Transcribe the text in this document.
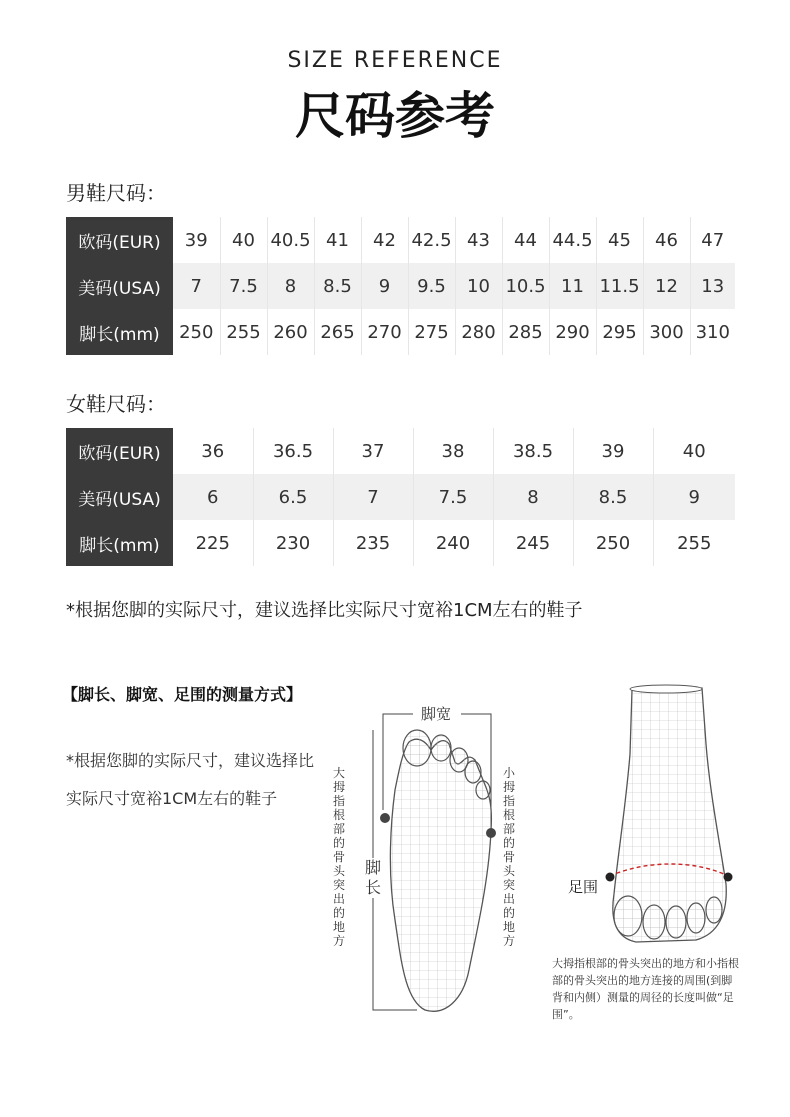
SIZE REFERENCE
尺码参考
男鞋尺码：
欧码(EUR)	39	40	40.5	41	42	42.5	43	44	44.5	45	46	47
美码(USA)	7	7.5	8	8.5	9	9.5	10	10.5	11	11.5	12	13
脚长(mm)	250	255	260	265	270	275	280	285	290	295	300	310
女鞋尺码：
欧码(EUR)	36	36.5	37	38	38.5	39	40
美码(USA)	6	6.5	7	7.5	8	8.5	9
脚长(mm)	225	230	235	240	245	250	255
*根据您脚的实际尺寸，建议选择比实际尺寸宽裕1CM左右的鞋子
【脚长、脚宽、足围的测量方式】
*根据您脚的实际尺寸，建议选择比实际尺寸宽裕1CM左右的鞋子
脚宽
脚长
大拇指根部的骨头突出的地方
小拇指根部的骨头突出的地方
足围
大拇指根部的骨头突出的地方和小指根部的骨头突出的地方连接的周围(到脚背和内侧）测量的周径的长度叫做“足围”。
